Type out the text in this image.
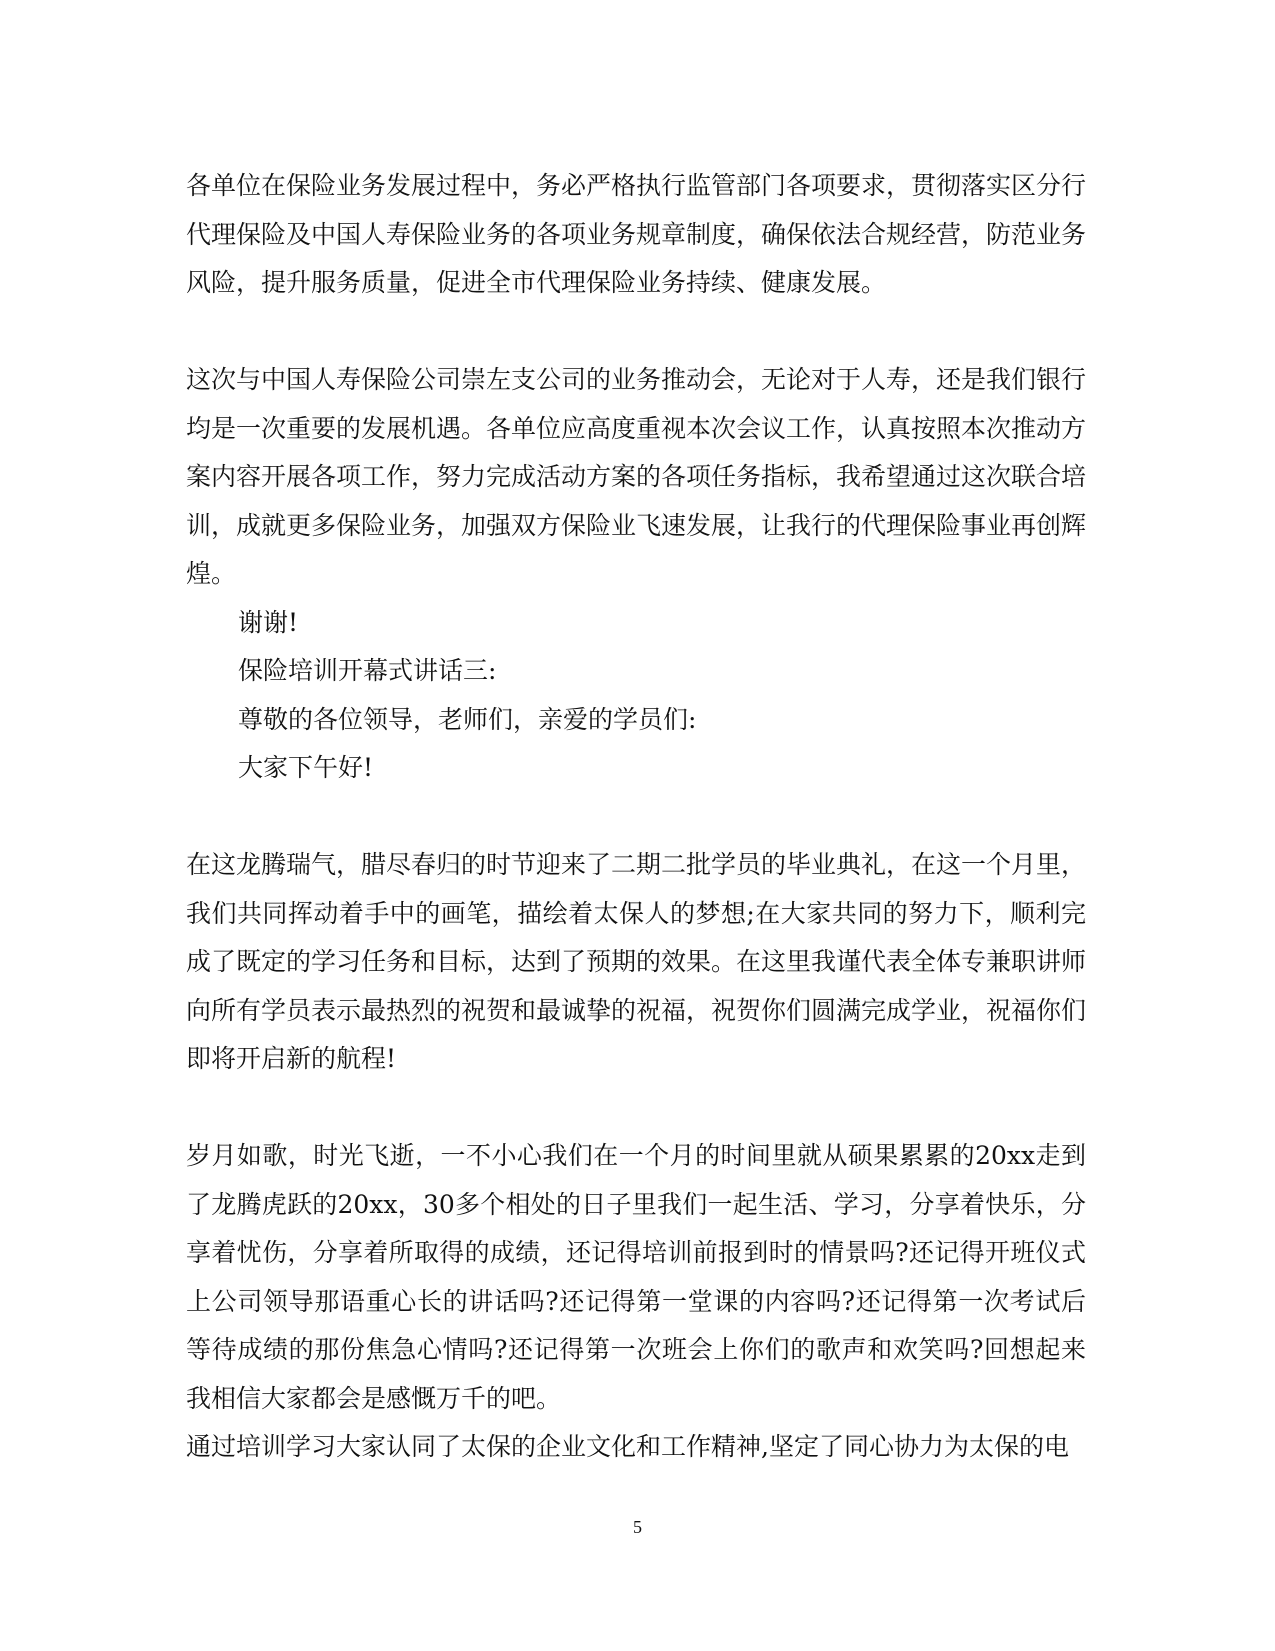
各单位在保险业务发展过程中，务必严格执行监管部门各项要求，贯彻落实区分行代理保险及中国人寿保险业务的各项业务规章制度，确保依法合规经营，防范业务风险，提升服务质量，促进全市代理保险业务持续、健康发展。

这次与中国人寿保险公司崇左支公司的业务推动会，无论对于人寿，还是我们银行均是一次重要的发展机遇。各单位应高度重视本次会议工作，认真按照本次推动方案内容开展各项工作，努力完成活动方案的各项任务指标，我希望通过这次联合培训，成就更多保险业务，加强双方保险业飞速发展，让我行的代理保险事业再创辉煌。

谢谢!

保险培训开幕式讲话三:

尊敬的各位领导，老师们，亲爱的学员们:

大家下午好!

在这龙腾瑞气，腊尽春归的时节迎来了二期二批学员的毕业典礼，在这一个月里，我们共同挥动着手中的画笔，描绘着太保人的梦想;在大家共同的努力下，顺利完成了既定的学习任务和目标，达到了预期的效果。在这里我谨代表全体专兼职讲师向所有学员表示最热烈的祝贺和最诚挚的祝福，祝贺你们圆满完成学业，祝福你们即将开启新的航程!

岁月如歌，时光飞逝，一不小心我们在一个月的时间里就从硕果累累的20xx走到了龙腾虎跃的20xx，30多个相处的日子里我们一起生活、学习，分享着快乐，分享着忧伤，分享着所取得的成绩，还记得培训前报到时的情景吗?还记得开班仪式上公司领导那语重心长的讲话吗?还记得第一堂课的内容吗?还记得第一次考试后等待成绩的那份焦急心情吗?还记得第一次班会上你们的歌声和欢笑吗?回想起来我相信大家都会是感慨万千的吧。

通过培训学习大家认同了太保的企业文化和工作精神,坚定了同心协力为太保的电

5
